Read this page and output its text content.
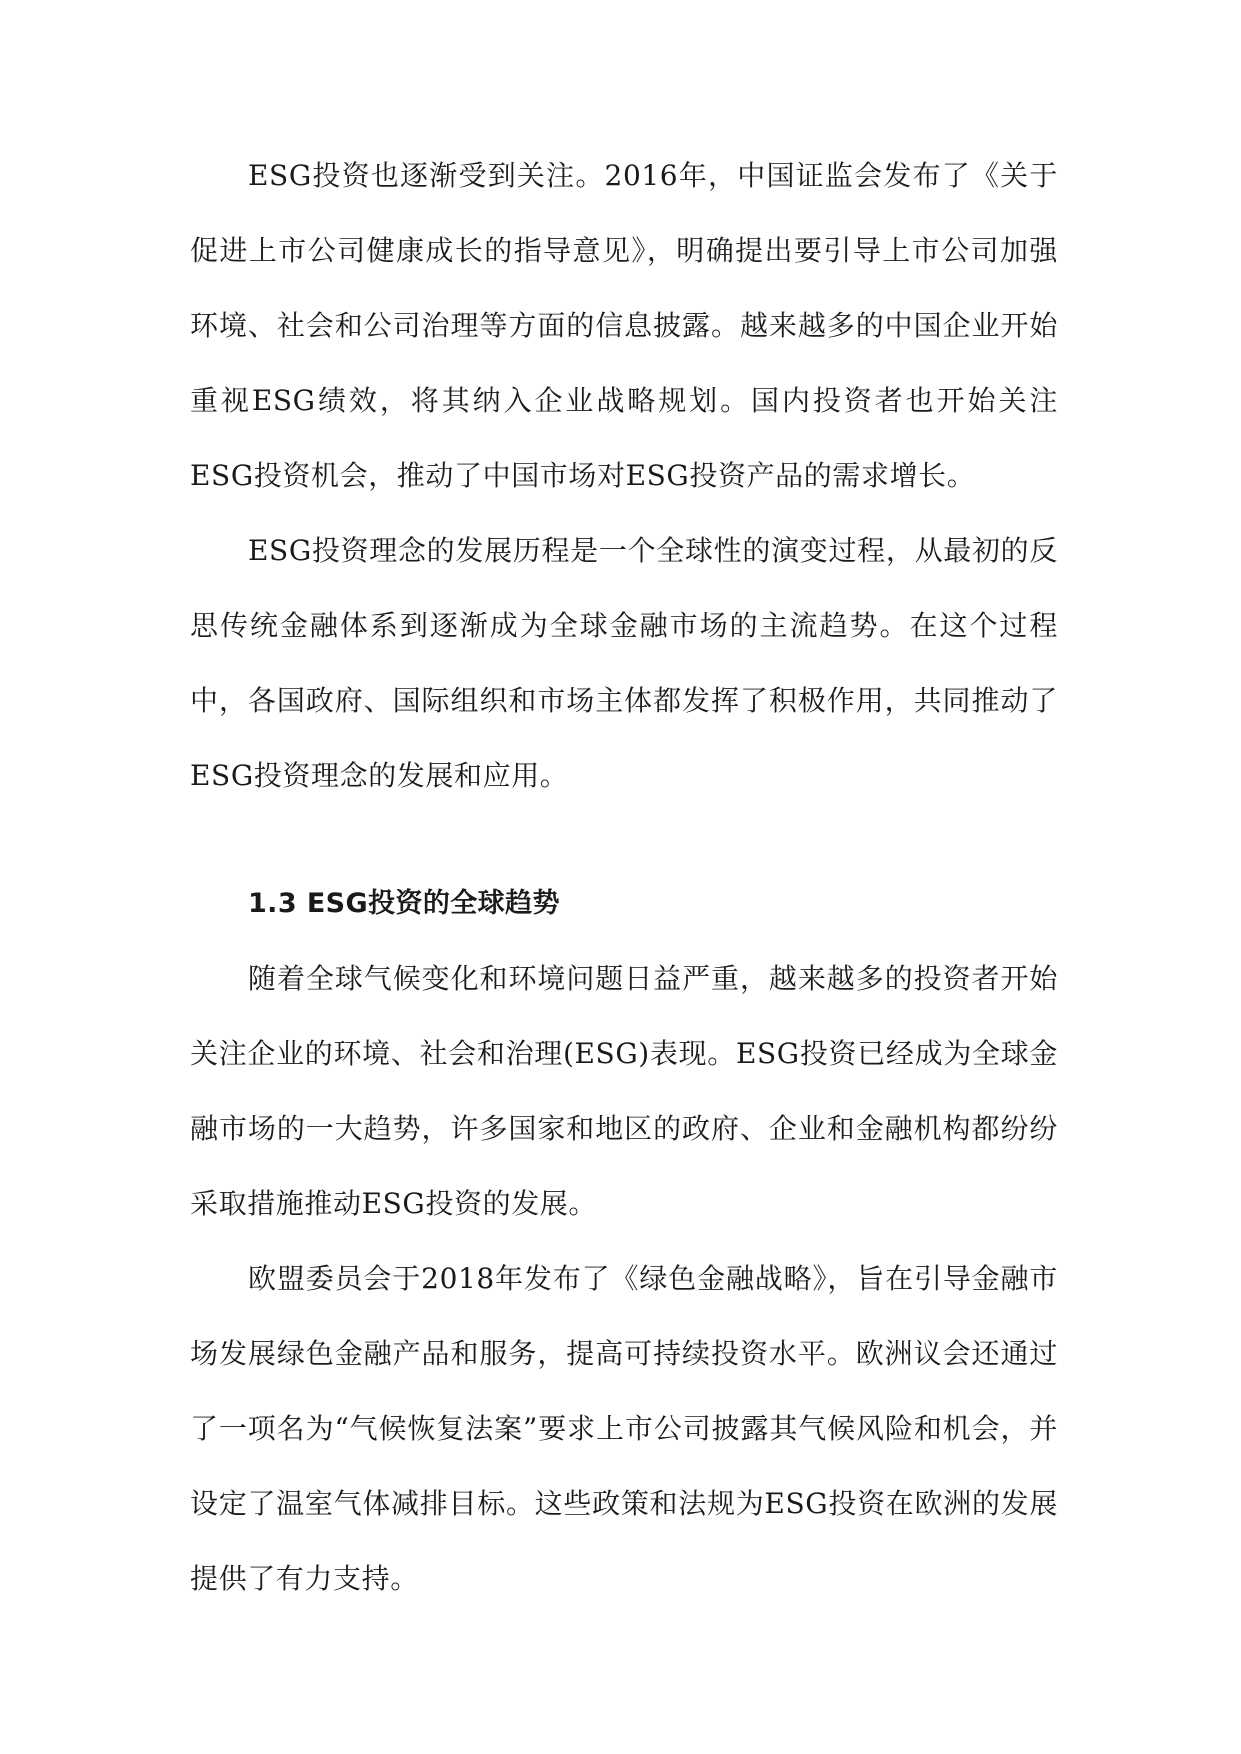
ESG投资也逐渐受到关注。2016年，中国证监会发布了《关于促进上市公司健康成长的指导意见》，明确提出要引导上市公司加强环境、社会和公司治理等方面的信息披露。越来越多的中国企业开始重视ESG绩效，将其纳入企业战略规划。国内投资者也开始关注ESG投资机会，推动了中国市场对ESG投资产品的需求增长。

ESG投资理念的发展历程是一个全球性的演变过程，从最初的反思传统金融体系到逐渐成为全球金融市场的主流趋势。在这个过程中，各国政府、国际组织和市场主体都发挥了积极作用，共同推动了ESG投资理念的发展和应用。

1.3 ESG投资的全球趋势

随着全球气候变化和环境问题日益严重，越来越多的投资者开始关注企业的环境、社会和治理(ESG)表现。ESG投资已经成为全球金融市场的一大趋势，许多国家和地区的政府、企业和金融机构都纷纷采取措施推动ESG投资的发展。

欧盟委员会于2018年发布了《绿色金融战略》，旨在引导金融市场发展绿色金融产品和服务，提高可持续投资水平。欧洲议会还通过了一项名为“气候恢复法案”要求上市公司披露其气候风险和机会，并设定了温室气体减排目标。这些政策和法规为ESG投资在欧洲的发展提供了有力支持。
